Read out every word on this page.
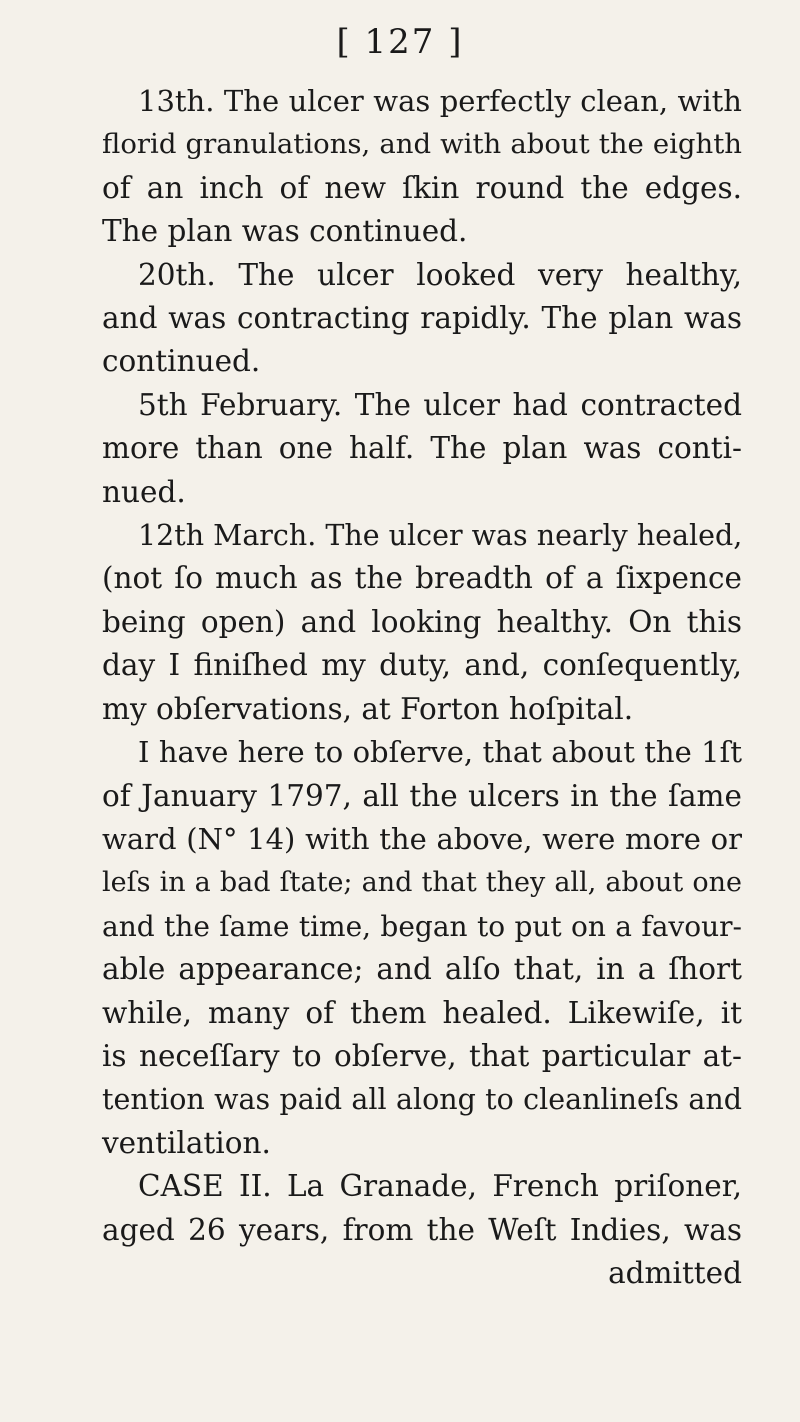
[ 127 ]
13th. The ulcer was perfectly clean, with
florid granulations, and with about the eighth
of an inch of new ſkin round the edges.
The plan was continued.
20th. The ulcer looked very healthy,
and was contracting rapidly. The plan was
continued.
5th February. The ulcer had contracted
more than one half. The plan was conti-
nued.
12th March. The ulcer was nearly healed,
(not ſo much as the breadth of a ſixpence
being open) and looking healthy. On this
day I finiſhed my duty, and, conſequently,
my obſervations, at Forton hoſpital.
I have here to obſerve, that about the 1ſt
of January 1797, all the ulcers in the ſame
ward (N° 14) with the above, were more or
leſs in a bad ſtate; and that they all, about one
and the ſame time, began to put on a favour-
able appearance; and alſo that, in a ſhort
while, many of them healed. Likewiſe, it
is neceſſary to obſerve, that particular at-
tention was paid all along to cleanlineſs and
ventilation.
CASE II. La Granade, French priſoner,
aged 26 years, from the Weſt Indies, was
admitted
